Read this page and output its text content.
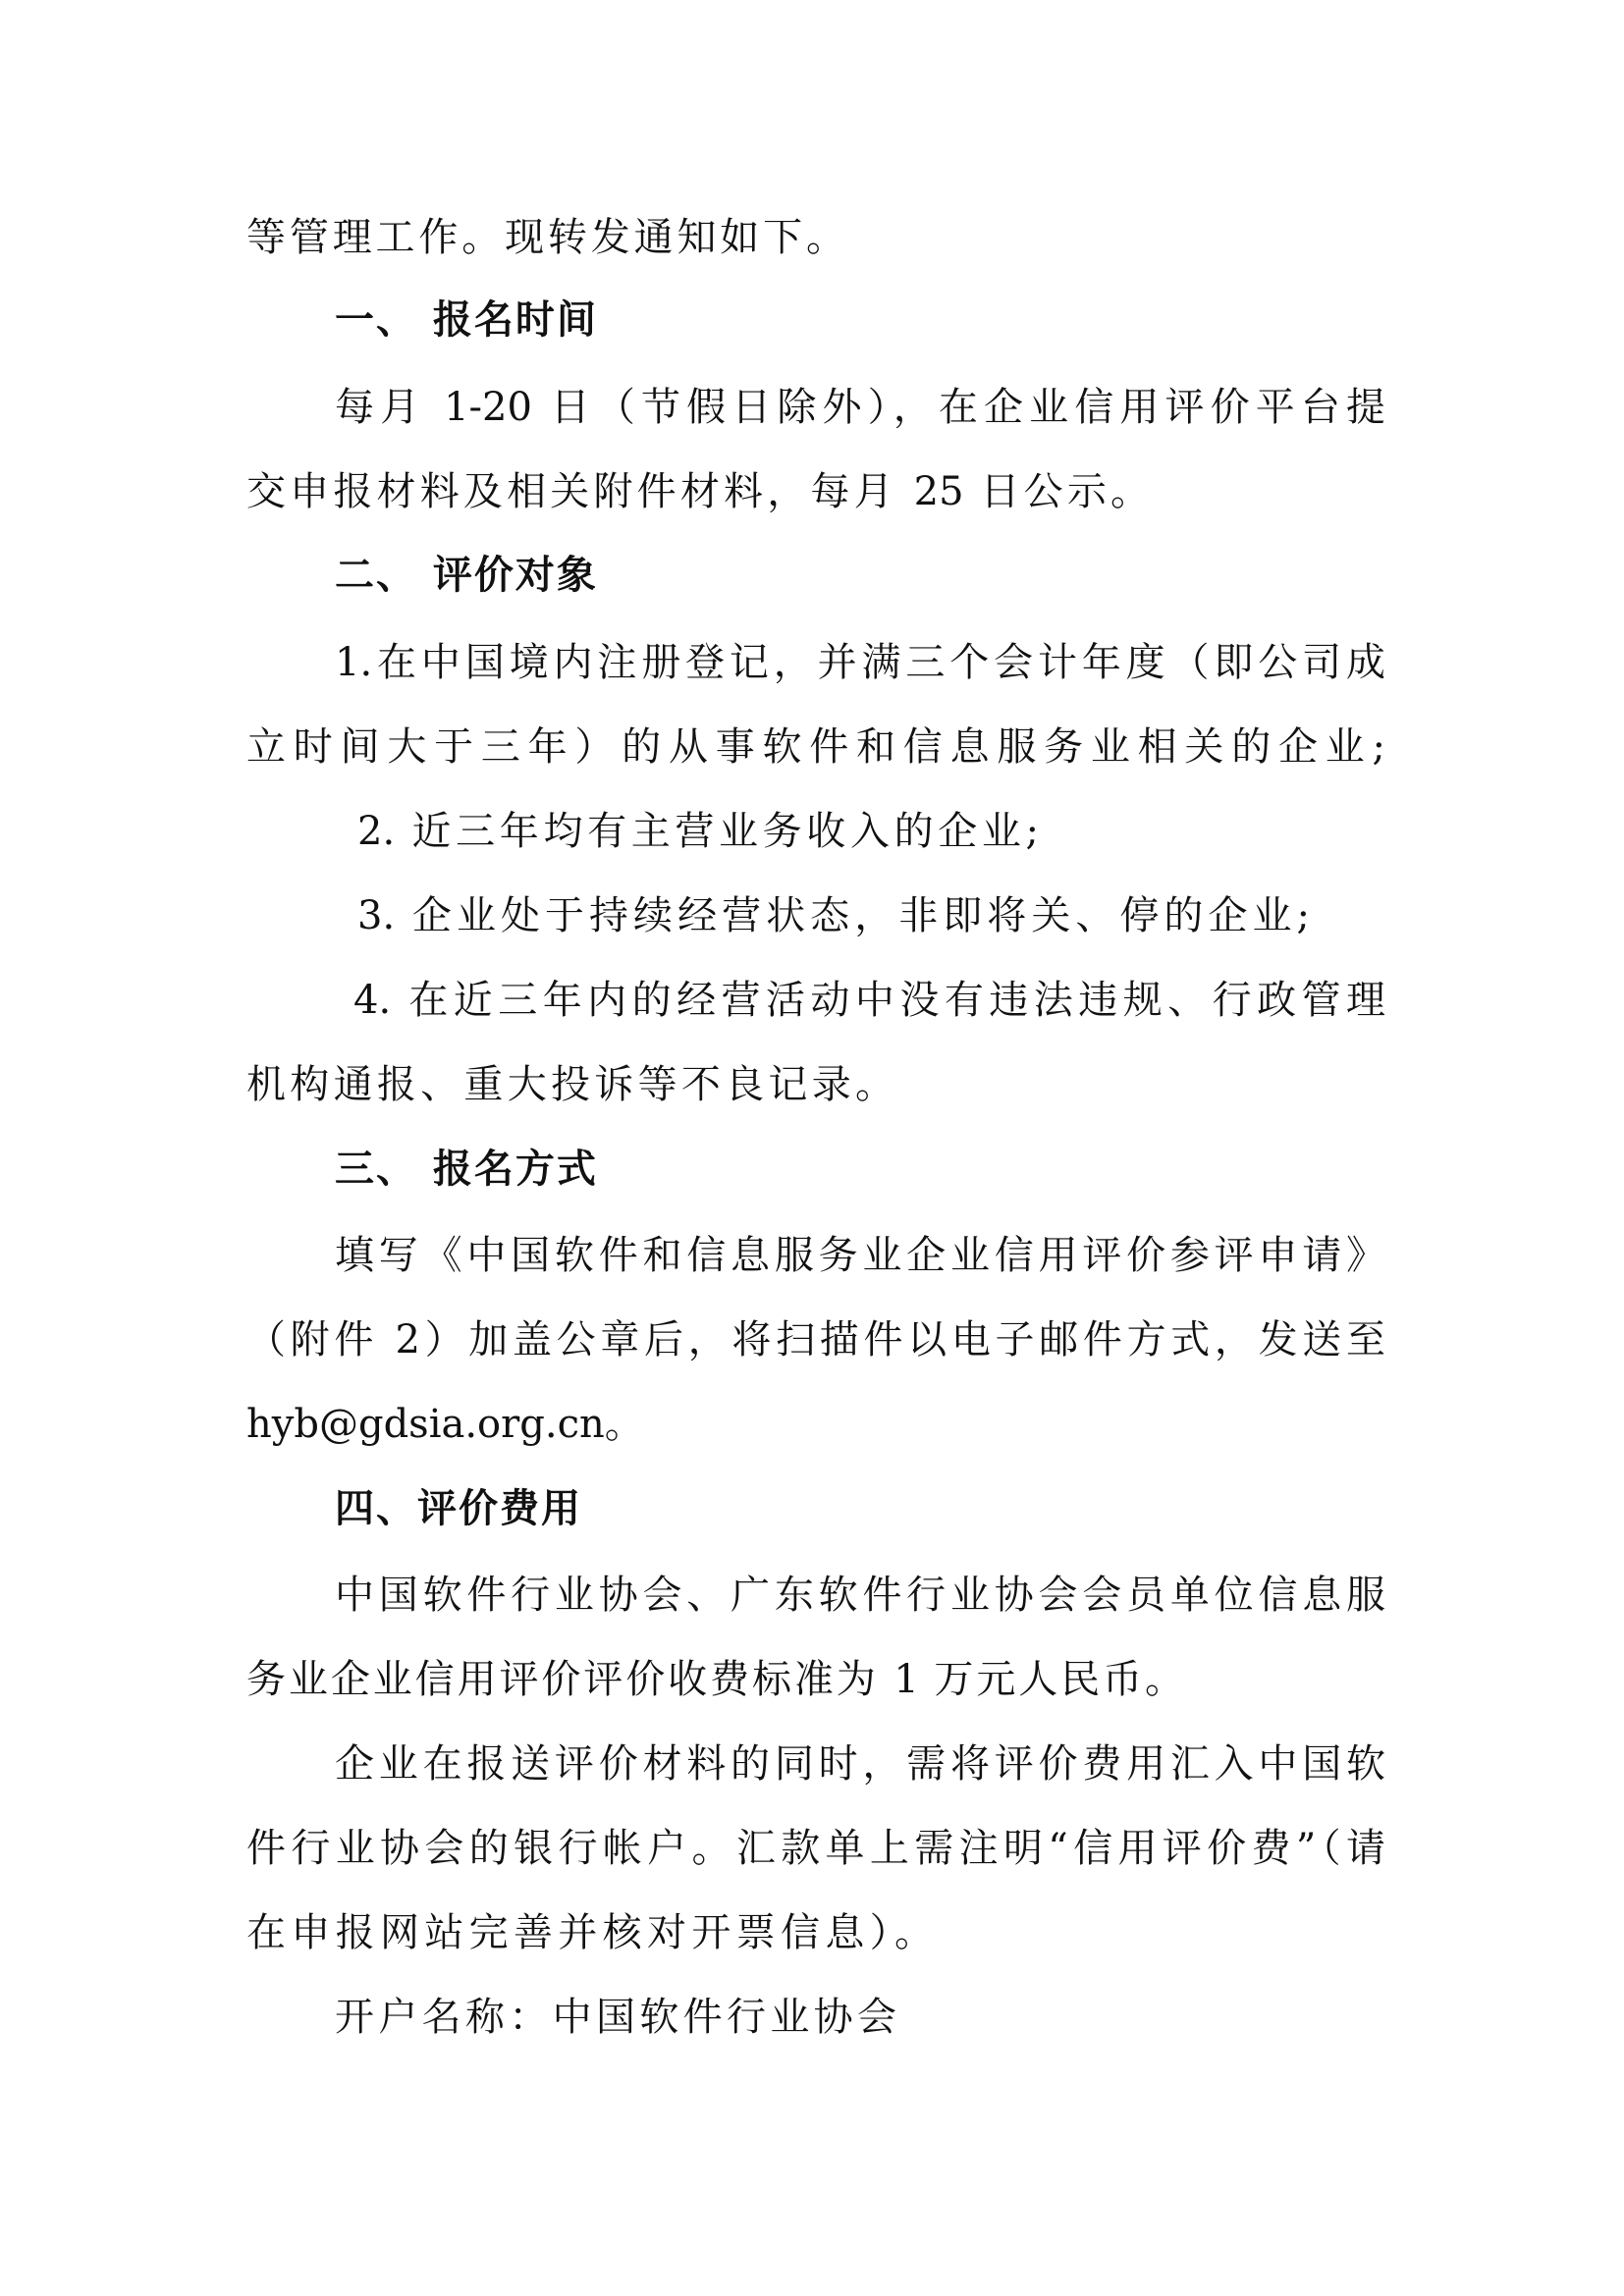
等管理工作。现转发通知如下。
一、 报名时间
每月 1-20 日（节假日除外），在企业信用评价平台提
交申报材料及相关附件材料，每月 25 日公示。
二、 评价对象
1.在中国境内注册登记，并满三个会计年度（即公司成
立时间大于三年）的从事软件和信息服务业相关的企业;
2. 近三年均有主营业务收入的企业;
3. 企业处于持续经营状态，非即将关、停的企业;
4. 在近三年内的经营活动中没有违法违规、行政管理
机构通报、重大投诉等不良记录。
三、 报名方式
填写《中国软件和信息服务业企业信用评价参评申请》
（附件 2）加盖公章后，将扫描件以电子邮件方式，发送至
hyb@gdsia.org.cn。
四、评价费用
中国软件行业协会、广东软件行业协会会员单位信息服
务业企业信用评价评价收费标准为 1 万元人民币。
企业在报送评价材料的同时，需将评价费用汇入中国软
件行业协会的银行帐户。汇款单上需注明“信用评价费”（请
在申报网站完善并核对开票信息）。
开户名称：中国软件行业协会
